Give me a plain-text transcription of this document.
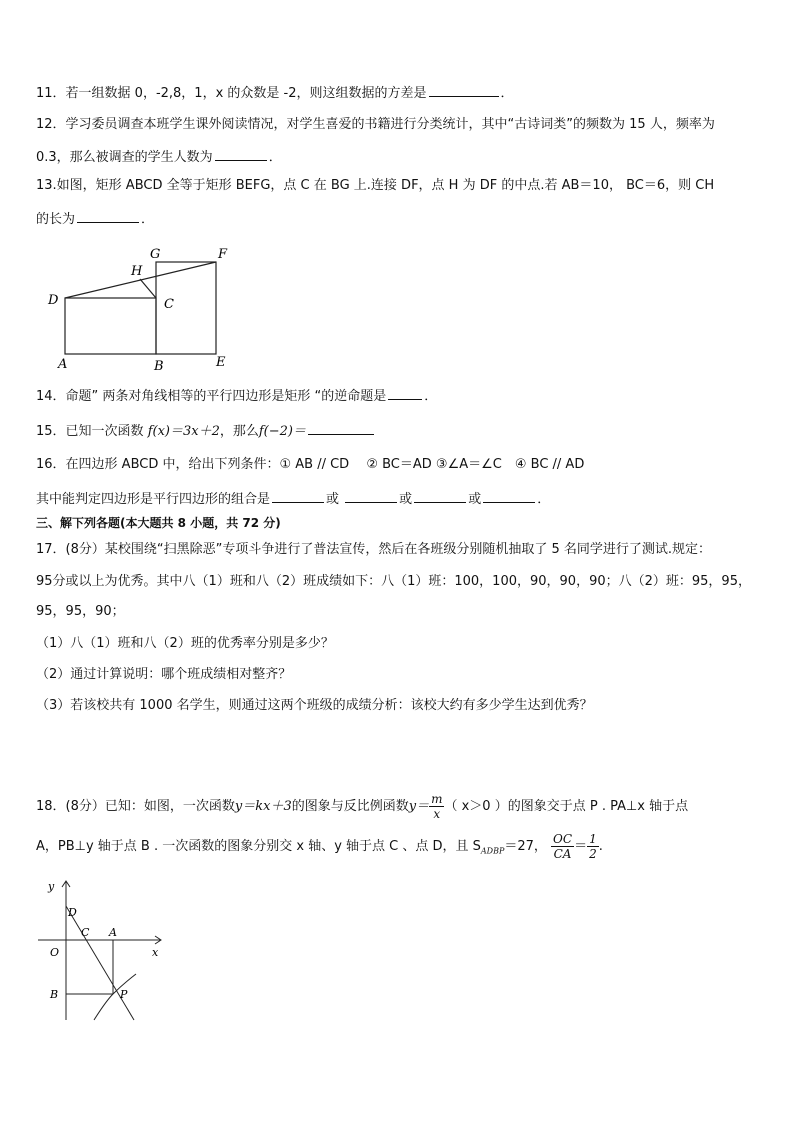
11．若一组数据 0，-2,8，1，x 的众数是 -2，则这组数据的方差是	．
12．学习委员调查本班学生课外阅读情况，对学生喜爱的书籍进行分类统计，其中“古诗词类”的频数为 15 人，频率为
0.3，那么被调查的学生人数为	．
13.如图，矩形 ABCD 全等于矩形 BEFG，点 C 在 BG 上.连接 DF，点 H 为 DF 的中点.若 AB＝10， BC＝6，则 CH
的长为	．
G	F
H
D	C
A	B	E
14．命题” 两条对角线相等的平行四边形是矩形 “的逆命题是	．
15．已知一次函数 f(x)＝3x＋2，那么f(−2)＝
16．在四边形 ABCD 中，给出下列条件：① AB // CD　 ② BC＝AD ③∠A＝∠C　④ BC // AD
其中能判定四边形是平行四边形的组合是	或	或	或	．
三、解下列各题(本大题共 8 小题，共 72 分)
17．(8分）某校围绕“扫黑除恶”专项斗争进行了普法宣传，然后在各班级分别随机抽取了 5 名同学进行了测试.规定：
95分或以上为优秀。其中八（1）班和八（2）班成绩如下：八（1）班：100，100，90，90，90；八（2）班：95，95，
95，95，90；
（1）八（1）班和八（2）班的优秀率分别是多少？
（2）通过计算说明：哪个班成绩相对整齐？
（3）若该校共有 1000 名学生，则通过这两个班级的成绩分析：该校大约有多少学生达到优秀？
18．(8分）已知：如图，一次函数y＝kx＋3的图象与反比例函数$y= \frac{m}{x}$ （ x＞0 ）的图象交于点 P . PA⊥x 轴于点
A，PB⊥y 轴于点 B . 一次函数的图象分别交 x 轴、y 轴于点 C 、点 D，且 $S_{ADBP}=27$， $\frac{OC}{CA} = \frac{1}{2}$ .
y
D
C A
O	x
B	P
